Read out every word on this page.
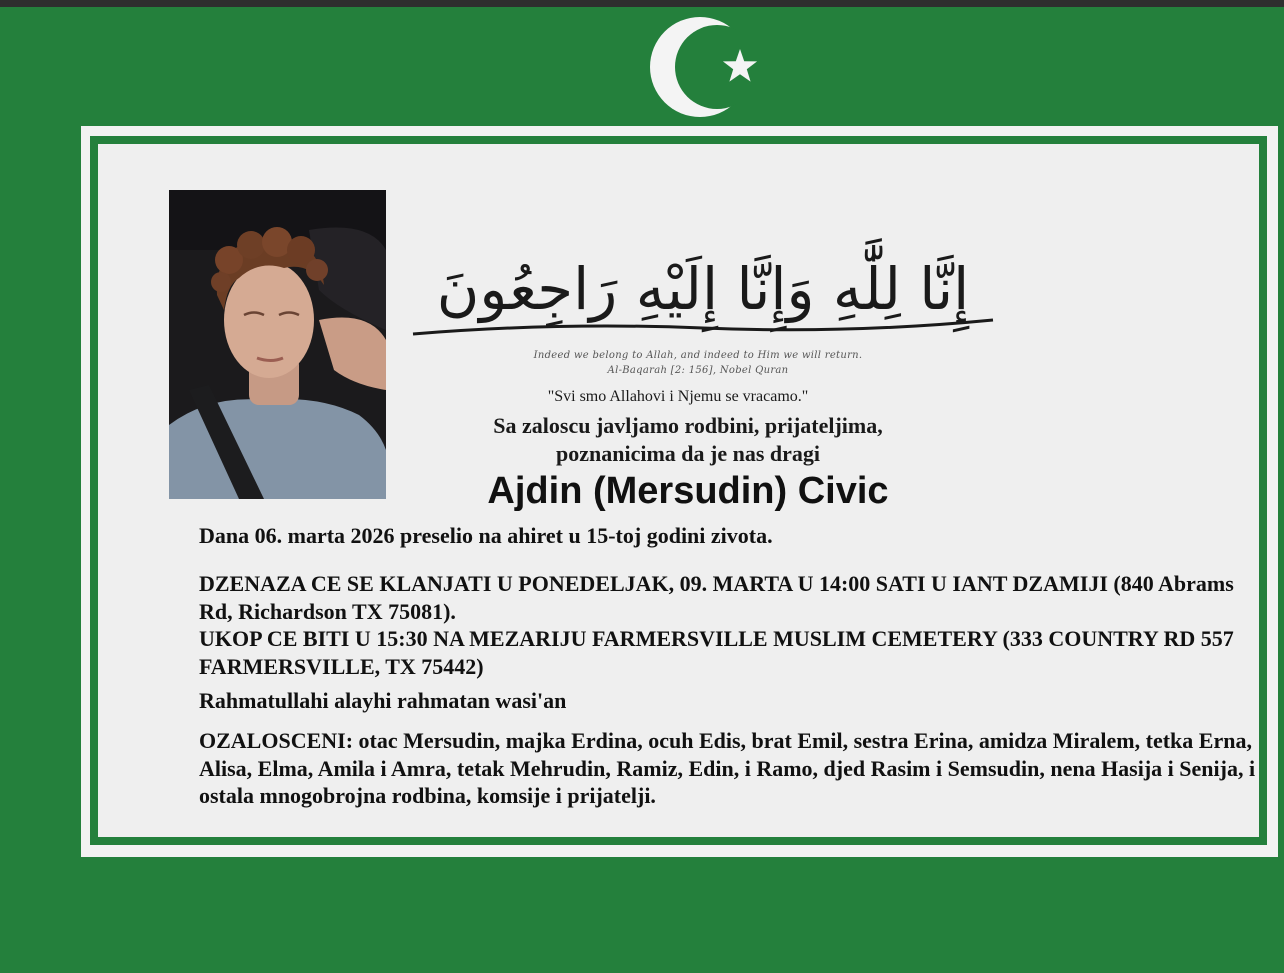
إِنَّا لِلَّٰهِ وَإِنَّا إِلَيْهِ رَاجِعُونَ
Indeed we belong to Allah, and indeed to Him we will return.
Al-Baqarah [2: 156], Nobel Quran
"Svi smo Allahovi i Njemu se vracamo."
Sa zaloscu javljamo rodbini, prijateljima,
poznanicima da je nas dragi
Ajdin (Mersudin) Civic
Dana 06. marta 2026 preselio na ahiret u 15-toj godini zivota.
DZENAZA CE SE KLANJATI U PONEDELJAK, 09. MARTA U 14:00 SATI U IANT DZAMIJI (840 Abrams Rd, Richardson TX 75081).
UKOP CE BITI U 15:30 NA MEZARIJU FARMERSVILLE MUSLIM CEMETERY (333 COUNTRY RD 557 FARMERSVILLE, TX 75442)
Rahmatullahi alayhi rahmatan wasi'an
OZALOSCENI: otac Mersudin, majka Erdina, ocuh Edis, brat Emil, sestra Erina, amidza Miralem, tetka Erna, Alisa, Elma, Amila i Amra, tetak Mehrudin, Ramiz, Edin, i Ramo, djed Rasim i Semsudin, nena Hasija i Senija, i ostala mnogobrojna rodbina, komsije i prijatelji.
